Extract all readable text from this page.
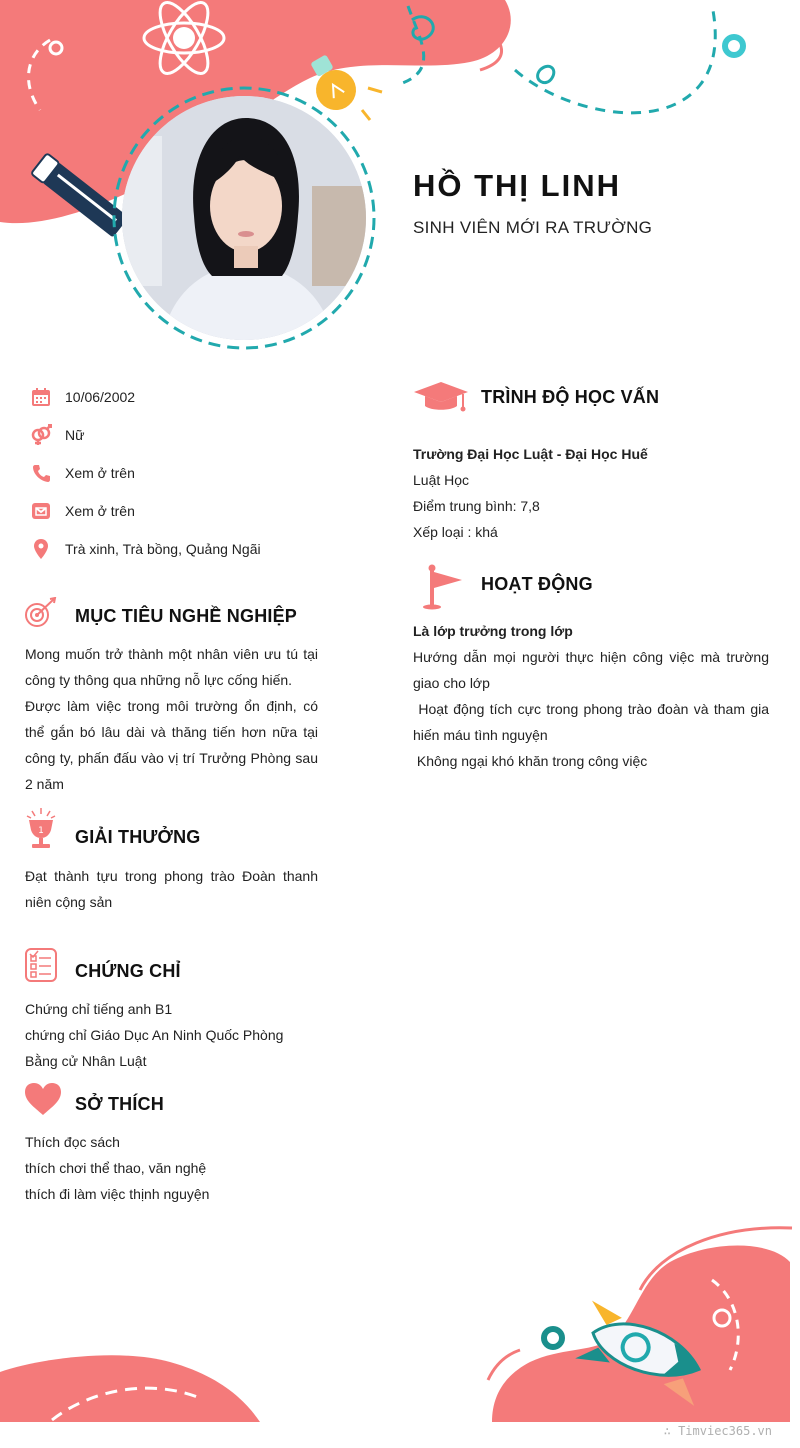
HỒ THỊ LINH
SINH VIÊN MỚI RA TRƯỜNG
10/06/2002
Nữ
Xem ở trên
Xem ở trên
Trà xinh, Trà bồng, Quảng Ngãi
MỤC TIÊU NGHỀ NGHIỆP

Mong muốn trở thành một nhân viên ưu tú tại công ty thông qua những nỗ lực cống hiến.

Được làm việc trong môi trường ổn định, có thể gắn bó lâu dài và thăng tiến hơn nữa tại công ty, phấn đấu vào vị trí Trưởng Phòng sau 2 năm

1 GIẢI THƯỞNG

Đạt thành tựu trong phong trào Đoàn thanh niên cộng sản

CHỨNG CHỈ

Chứng chỉ tiếng anh B1

chứng chỉ Giáo Dục An Ninh Quốc Phòng

Bằng cử Nhân Luật

SỞ THÍCH

Thích đọc sách

thích chơi thể thao, văn nghệ

thích đi làm việc thịnh nguyện

TRÌNH ĐỘ HỌC VẤN

Trường Đại Học Luật - Đại Học Huế

Luật Học

Điểm trung bình: 7,8

Xếp loại : khá

HOẠT ĐỘNG

Là lớp trưởng trong lớp

Hướng dẫn mọi người thực hiện công việc mà trường giao cho lớp

Hoạt động tích cực trong phong trào đoàn và tham gia hiến máu tình nguyện

Không ngại khó khăn trong công việc

∴ Timviec365.vn
